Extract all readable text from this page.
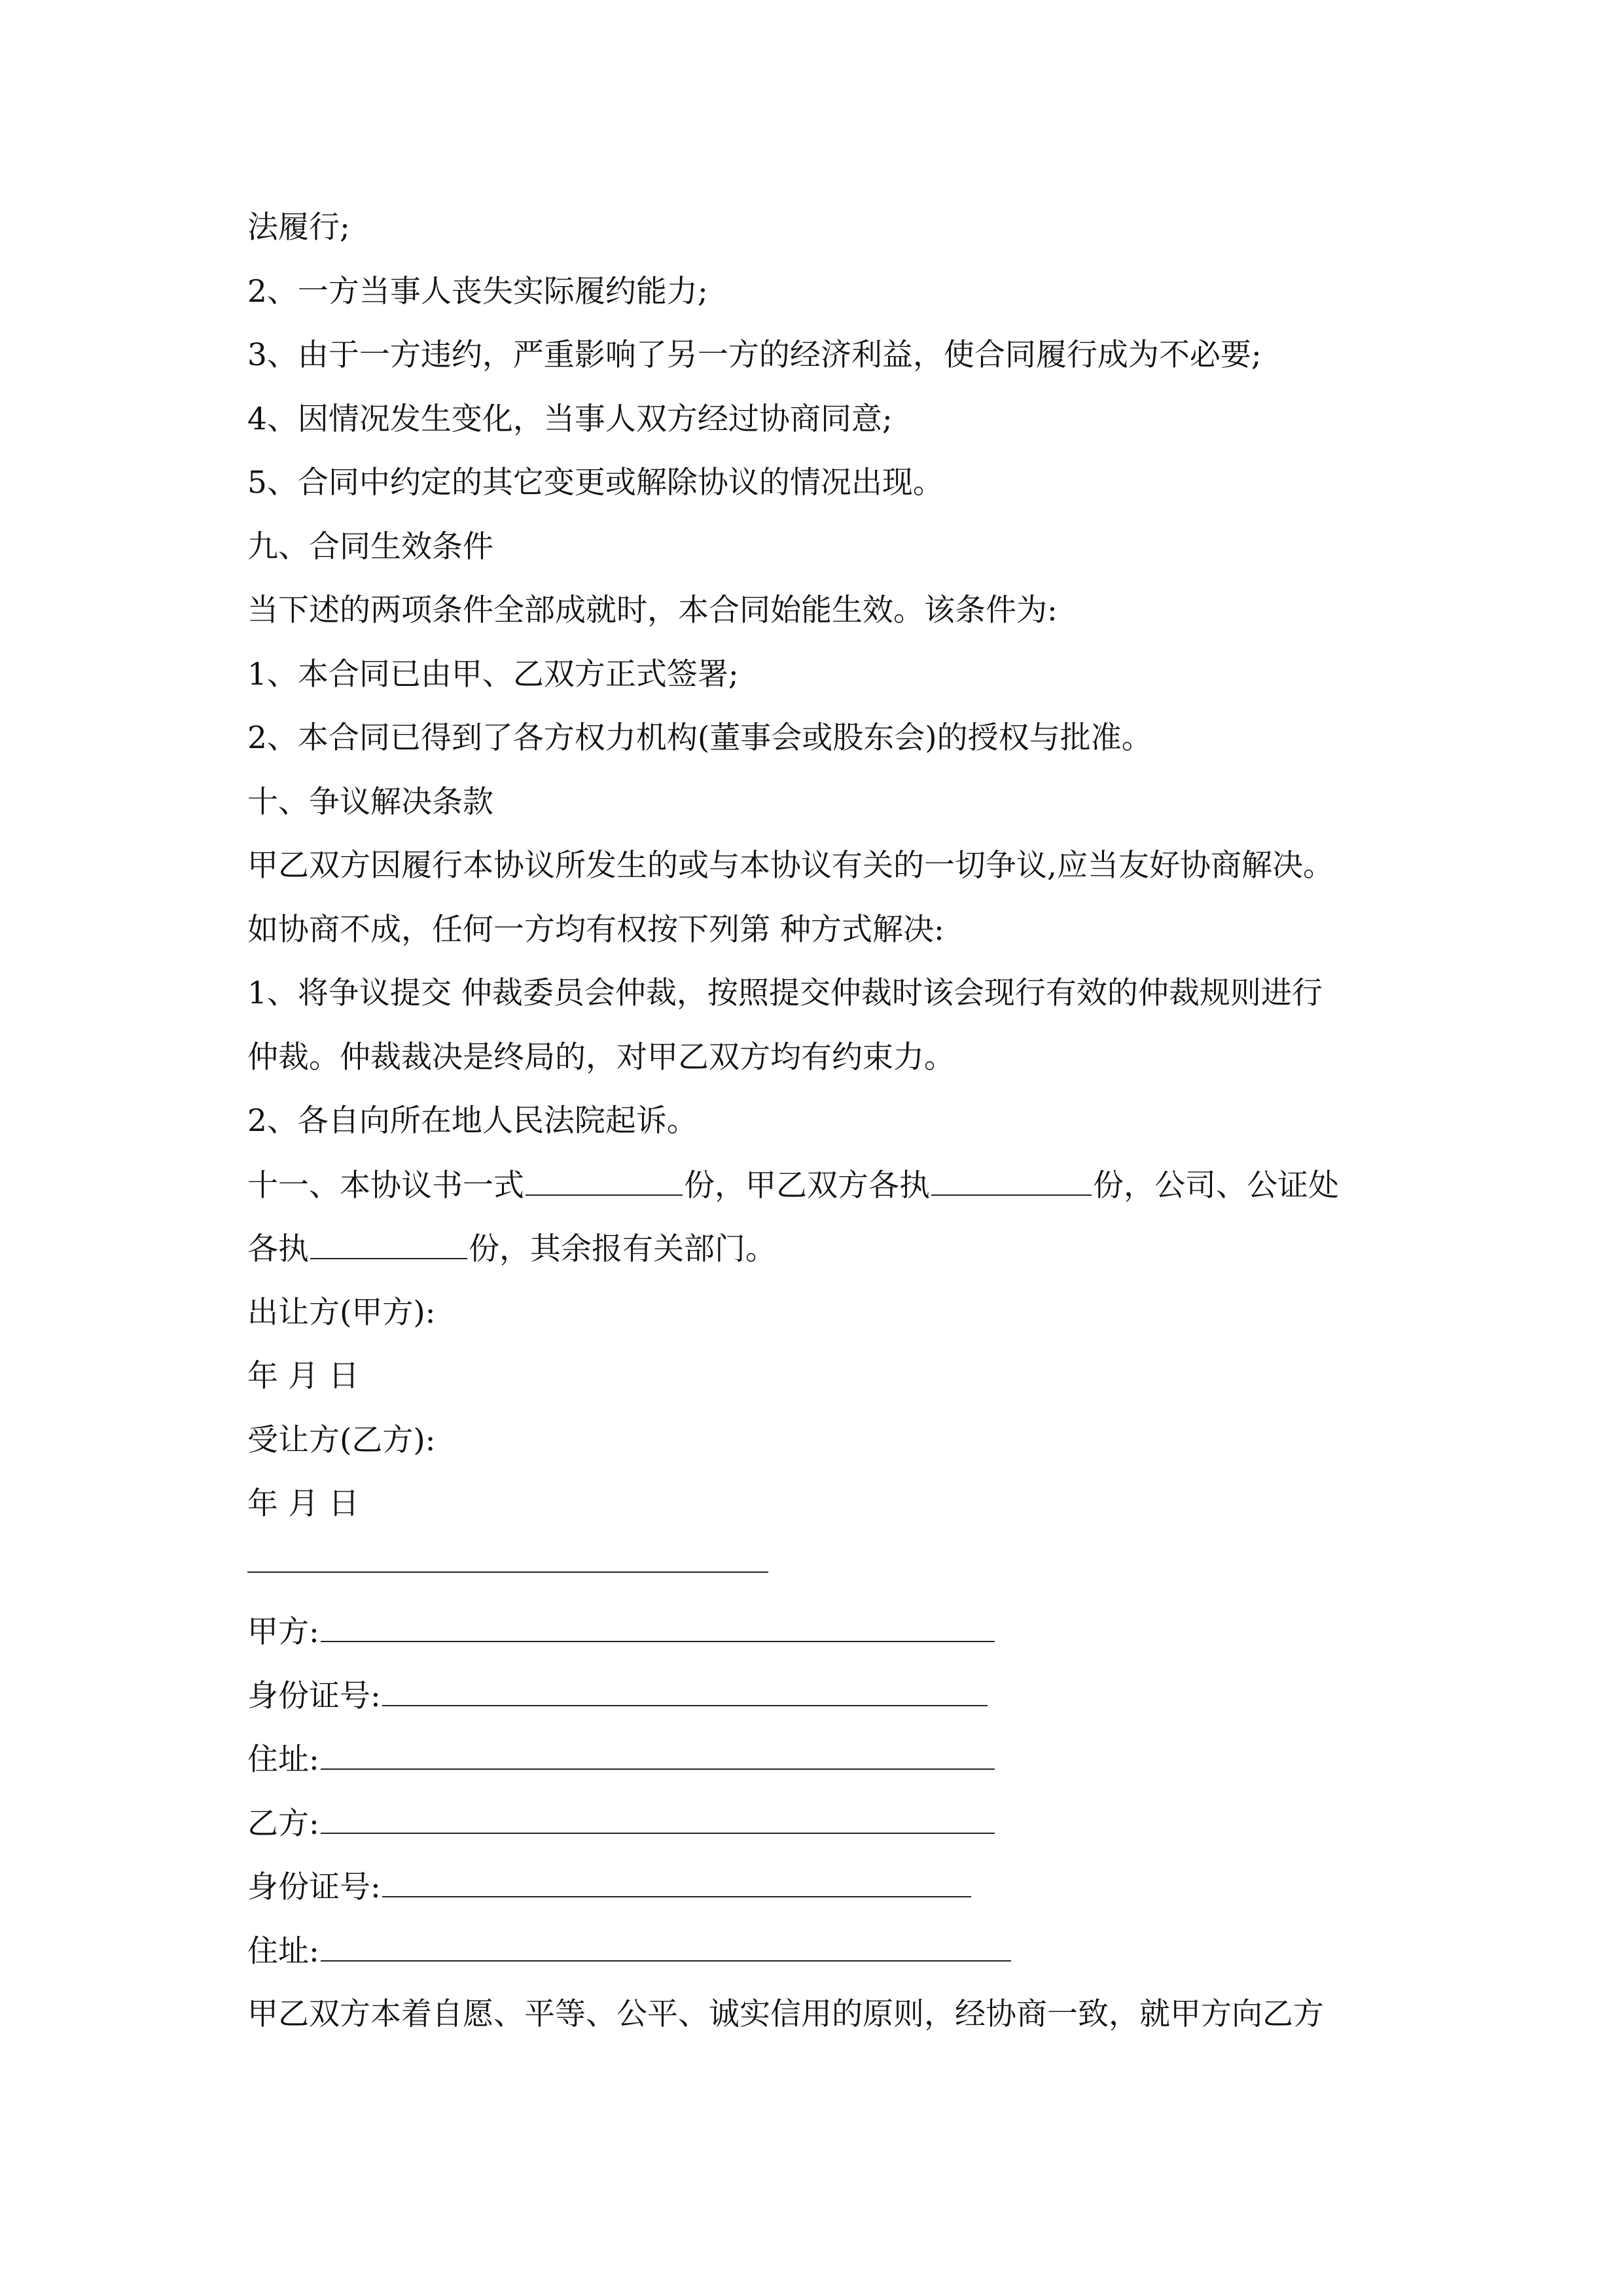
法履行;
2、一方当事人丧失实际履约能力;
3、由于一方违约，严重影响了另一方的经济利益，使合同履行成为不必要;
4、因情况发生变化，当事人双方经过协商同意;
5、合同中约定的其它变更或解除协议的情况出现。
九、合同生效条件
当下述的两项条件全部成就时，本合同始能生效。该条件为:
1、本合同已由甲、乙双方正式签署;
2、本合同已得到了各方权力机构(董事会或股东会)的授权与批准。
十、争议解决条款
甲乙双方因履行本协议所发生的或与本协议有关的一切争议,应当友好协商解决。
如协商不成，任何一方均有权按下列第 种方式解决:
1、将争议提交 仲裁委员会仲裁，按照提交仲裁时该会现行有效的仲裁规则进行
仲裁。仲裁裁决是终局的，对甲乙双方均有约束力。
2、各自向所在地人民法院起诉。
十一、本协议书一式	份，甲乙双方各执	份，公司、公证处
各执	份，其余报有关部门。
出让方(甲方):
年 月 日
受让方(乙方):
年 月 日
甲方:
身份证号:
住址:
乙方:
身份证号:
住址:
甲乙双方本着自愿、平等、公平、诚实信用的原则，经协商一致，就甲方向乙方
